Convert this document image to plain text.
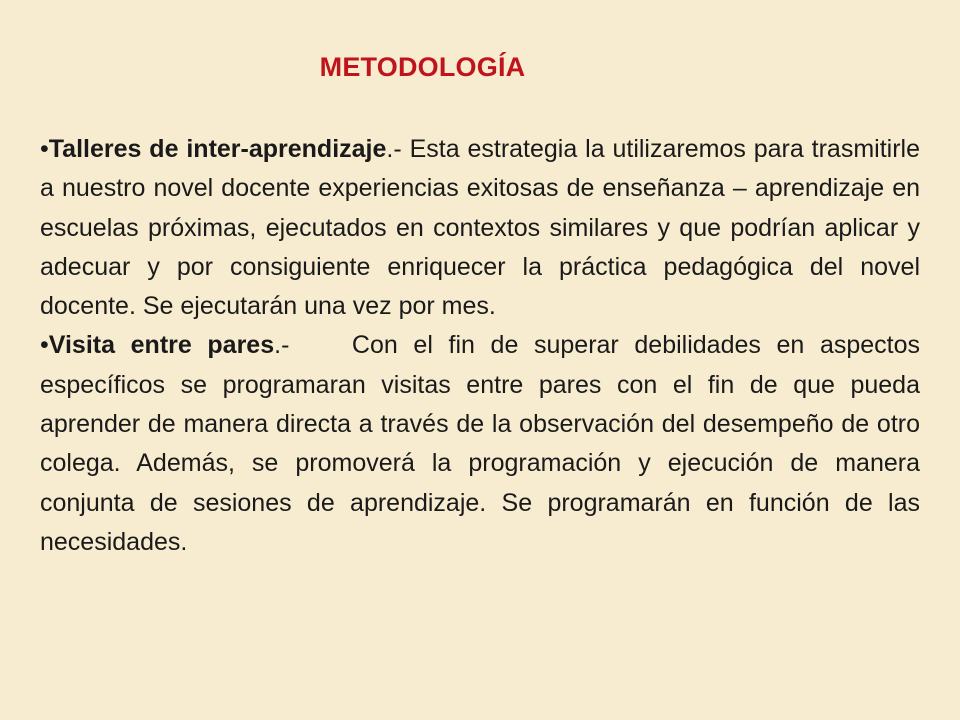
METODOLOGÍA

•Talleres de inter-aprendizaje.- Esta estrategia la utilizaremos para trasmitirle a nuestro novel docente experiencias exitosas de enseñanza – aprendizaje en escuelas próximas, ejecutados en contextos similares y que podrían aplicar y adecuar y por consiguiente enriquecer la práctica pedagógica del novel docente. Se ejecutarán una vez por mes.

•Visita entre pares.-    Con el fin de superar debilidades en aspectos específicos se programaran visitas entre pares con el fin de que pueda aprender de manera directa a través de la observación del desempeño de otro colega. Además, se promoverá la programación y ejecución de manera conjunta de sesiones de aprendizaje. Se programarán en función de las necesidades.
